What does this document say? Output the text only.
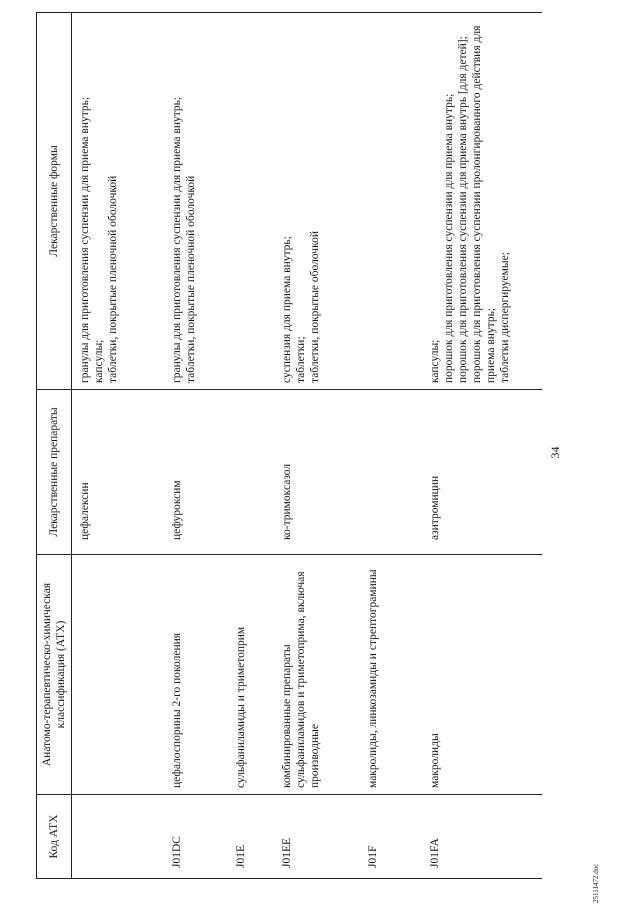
34
Код АТХ	Анатомо-терапевтическо-химическая классификация (АТХ)	Лекарственные препараты	Лекарственные формы
		цефалексин	гранулы для приготовления суспензии для приема внутрь; капсулы; таблетки, покрытые пленочной оболочкой

J01DC	цефалоспорины 2-го поколения	цефуроксим	гранулы для приготовления суспензии для приема внутрь; таблетки, покрытые пленочной оболочкой

J01E	сульфаниламиды и триметоприм		
J01EE	комбинированные препараты сульфаниламидов и триметоприма, включая производные	ко-тримоксазол	суспензия для приема внутрь; таблетки; таблетки, покрытые оболочкой

J01F	макролиды, линкозамиды и стрептограмины		
J01FA	макролиды	азитромицин	капсулы; порошок для приготовления суспензии для приема внутрь; порошок для приготовления суспензии для приема внутрь [для детей]; порошок для приготовления суспензии пролонгированного действия для приема внутрь; таблетки диспергируемые;
25111472.doc
